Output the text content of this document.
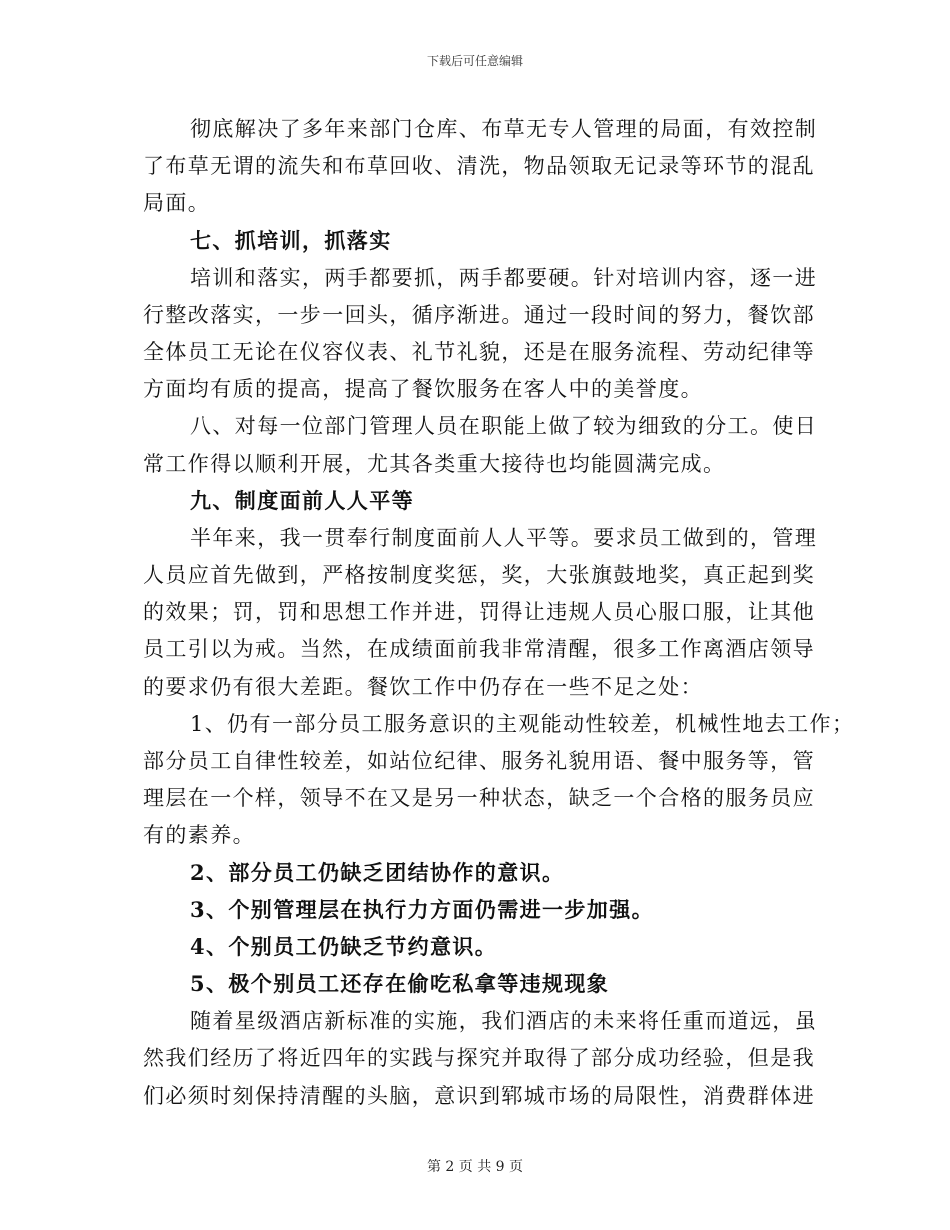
下载后可任意编辑
彻底解决了多年来部门仓库、布草无专人管理的局面，有效控制
了布草无谓的流失和布草回收、清洗，物品领取无记录等环节的混乱
局面。
七、抓培训，抓落实
培训和落实，两手都要抓，两手都要硬。针对培训内容，逐一进
行整改落实，一步一回头，循序渐进。通过一段时间的努力，餐饮部
全体员工无论在仪容仪表、礼节礼貌，还是在服务流程、劳动纪律等
方面均有质的提高，提高了餐饮服务在客人中的美誉度。
八、对每一位部门管理人员在职能上做了较为细致的分工。使日
常工作得以顺利开展，尤其各类重大接待也均能圆满完成。
九、制度面前人人平等
半年来，我一贯奉行制度面前人人平等。要求员工做到的，管理
人员应首先做到，严格按制度奖惩，奖，大张旗鼓地奖，真正起到奖
的效果；罚，罚和思想工作并进，罚得让违规人员心服口服，让其他
员工引以为戒。当然，在成绩面前我非常清醒，很多工作离酒店领导
的要求仍有很大差距。餐饮工作中仍存在一些不足之处：
1、仍有一部分员工服务意识的主观能动性较差，机械性地去工作；
部分员工自律性较差，如站位纪律、服务礼貌用语、餐中服务等，管
理层在一个样，领导不在又是另一种状态，缺乏一个合格的服务员应
有的素养。
2、部分员工仍缺乏团结协作的意识。
3、个别管理层在执行力方面仍需进一步加强。
4、个别员工仍缺乏节约意识。
5、极个别员工还存在偷吃私拿等违规现象
随着星级酒店新标准的实施，我们酒店的未来将任重而道远，虽
然我们经历了将近四年的实践与探究并取得了部分成功经验，但是我
们必须时刻保持清醒的头脑，意识到郓城市场的局限性，消费群体进
第 2 页 共 9 页
